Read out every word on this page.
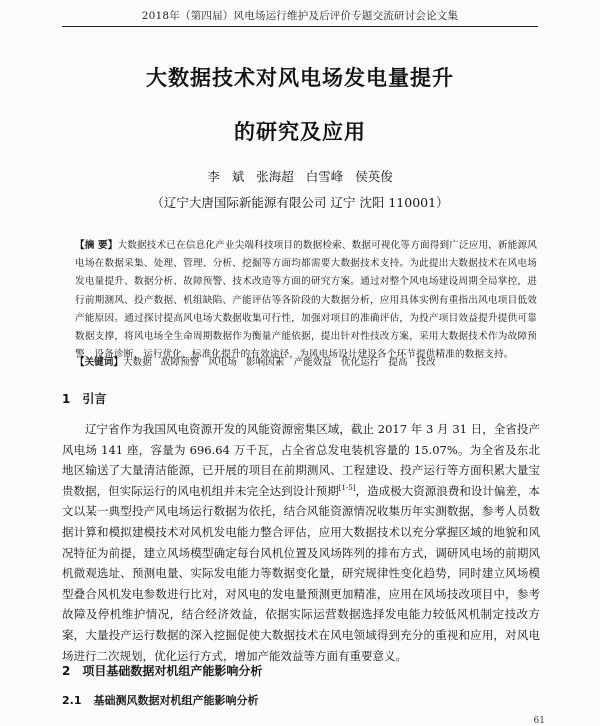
2018年（第四届）风电场运行维护及后评价专题交流研讨会论文集
大数据技术对风电场发电量提升
的研究及应用
李 斌 张海超 白雪峰 侯英俊
（辽宁大唐国际新能源有限公司 辽宁 沈阳 110001）
【摘 要】大数据技术已在信息化产业尖端科技项目的数据检索、数据可视化等方面得到广泛应用，新能源风电场在数据采集、处理、管理、分析、挖掘等方面均都需要大数据技术支持。为此提出大数据技术在风电场发电量提升、数据分析、故障预警、技术改造等方面的研究方案。通过对整个风电场建设周期全局掌控，进行前期测风、投产数据、机组缺陷、产能评估等各阶段的大数据分析，应用具体实例有重指出风电项目低效产能原因。通过探讨提高风电场大数据收集可行性，加强对项目的准确评估，为投产项目效益提升提供可靠数据支撑，将风电场全生命周期数据作为衡量产能依据，提出针对性技改方案，采用大数据技术作为故障预警、设备诊断、运行优化、标准化提升的有效途径，为风电场设计建设各个环节提供精准的数据支持。
【关键词】大数据 故障预警 风电场 影响因素 产能效益 优化运行 提高 技改
1 引言
辽宁省作为我国风电资源开发的风能资源密集区域，截止 2017 年 3 月 31 日，全省投产风电场 141 座，容量为 696.64 万千瓦，占全省总发电装机容量的 15.07%。为全省及东北地区输送了大量清洁能源，已开展的项目在前期测风、工程建设、投产运行等方面积累大量宝贵数据，但实际运行的风电机组并未完全达到设计预期[1-5]，造成极大资源浪费和设计偏差，本文以某一典型投产风电场运行数据为依托，结合风能资源情况收集历年实测数据，参考人员数据计算和模拟建模技术对风机发电能力整合评估，应用大数据技术以充分掌握区域的地貌和风况特征为前提，建立风场模型确定每台风机位置及风场阵列的排布方式，调研风电场的前期风机微观选址、预测电量、实际发电能力等数据变化量，研究规律性变化趋势，同时建立风场模型叠合风机发电参数进行比对，对风电的发电量预测更加精准，应用在风场技改项目中，参考故障及停机维护情况，结合经济效益，依据实际运营数据选择发电能力较低风机制定技改方案，大量投产运行数据的深入挖掘促使大数据技术在风电领域得到充分的重视和应用，对风电场进行二次规划，优化运行方式，增加产能效益等方面有重要意义。
2 项目基础数据对机组产能影响分析
2.1 基础测风数据对机组产能影响分析
61
